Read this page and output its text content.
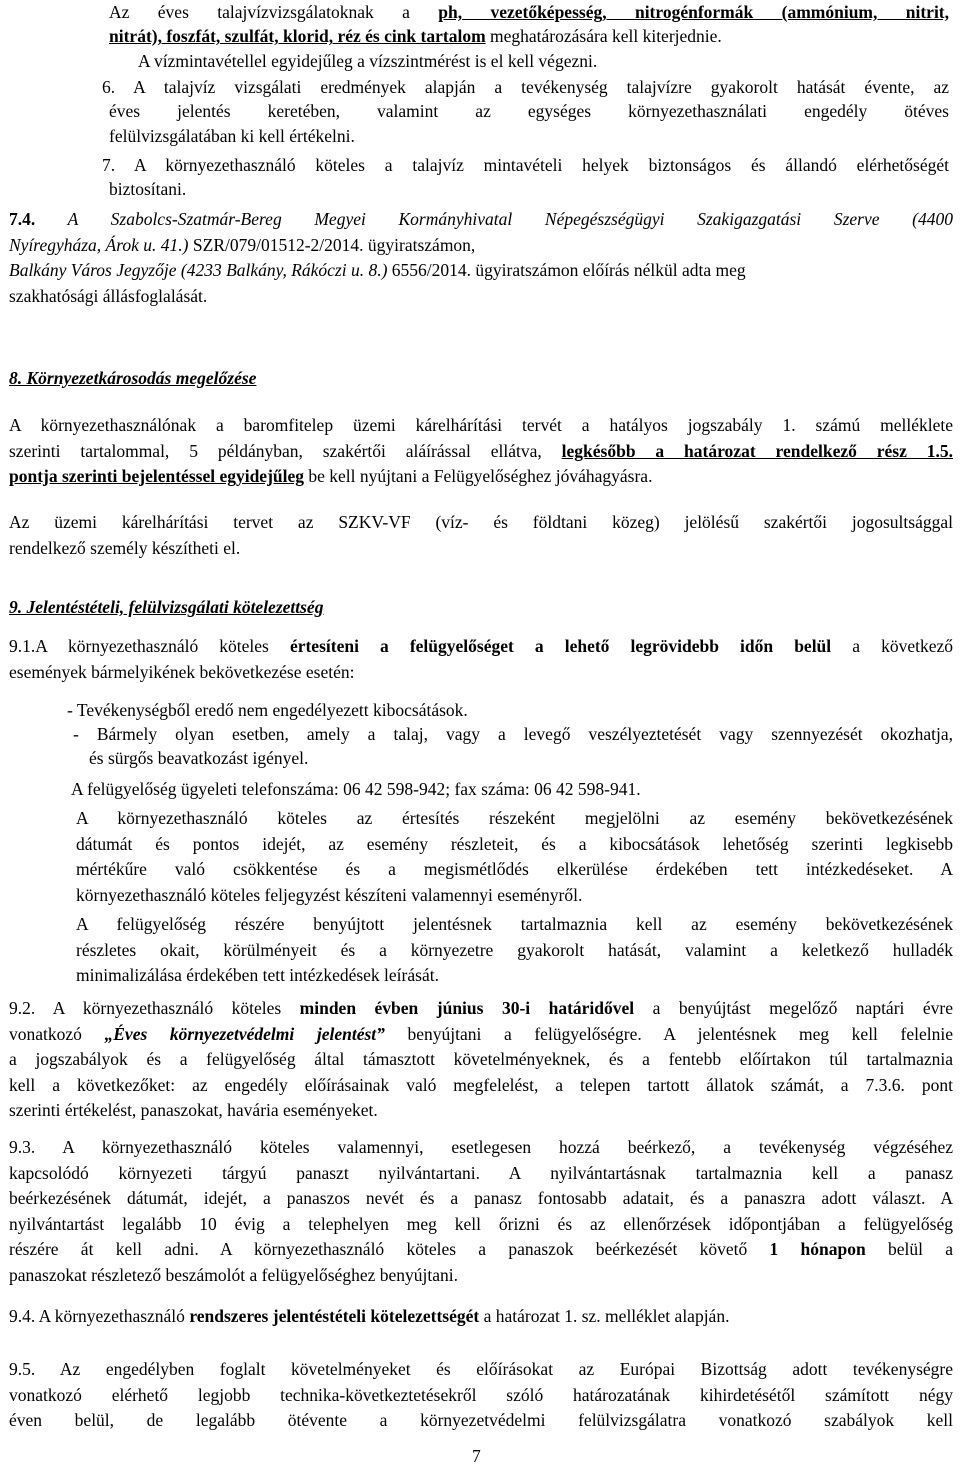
Az éves talajvízvizsgálatoknak a ph, vezetőképesség, nitrogénformák (ammónium, nitrit,
nitrát), foszfát, szulfát, klorid, réz és cink tartalom meghatározására kell kiterjednie.
A vízmintavétellel egyidejűleg a vízszintmérést is el kell végezni.
6. A talajvíz vizsgálati eredmények alapján a tevékenység talajvízre gyakorolt hatását évente, az
éves jelentés keretében, valamint az egységes környezethasználati engedély ötéves
felülvizsgálatában ki kell értékelni.
7. A környezethasználó köteles a talajvíz mintavételi helyek biztonságos és állandó elérhetőségét
biztosítani.
7.4. A Szabolcs-Szatmár-Bereg Megyei Kormányhivatal Népegészségügyi Szakigazgatási Szerve (4400
Nyíregyháza, Árok u. 41.) SZR/079/01512-2/2014. ügyiratszámon,
Balkány Város Jegyzője (4233 Balkány, Rákóczi u. 8.) 6556/2014. ügyiratszámon előírás nélkül adta meg
szakhatósági állásfoglalását.
8. Környezetkárosodás megelőzése
A környezethasználónak a baromfitelep üzemi kárelhárítási tervét a hatályos jogszabály 1. számú melléklete
szerinti tartalommal, 5 példányban, szakértői aláírással ellátva, legkésőbb a határozat rendelkező rész 1.5.
pontja szerinti bejelentéssel egyidejűleg be kell nyújtani a Felügyelőséghez jóváhagyásra.
Az üzemi kárelhárítási tervet az SZKV-VF (víz- és földtani közeg) jelölésű szakértői jogosultsággal
rendelkező személy készítheti el.
9. Jelentéstételi, felülvizsgálati kötelezettség
9.1.A környezethasználó köteles értesíteni a felügyelőséget a lehető legrövidebb időn belül a következő
események bármelyikének bekövetkezése esetén:
- Tevékenységből eredő nem engedélyezett kibocsátások.
- Bármely olyan esetben, amely a talaj, vagy a levegő veszélyeztetését vagy szennyezését okozhatja,
és sürgős beavatkozást igényel.
A felügyelőség ügyeleti telefonszáma: 06 42 598-942; fax száma: 06 42 598-941.
A környezethasználó köteles az értesítés részeként megjelölni az esemény bekövetkezésének
dátumát és pontos idejét, az esemény részleteit, és a kibocsátások lehetőség szerinti legkisebb
mértékűre való csökkentése és a megismétlődés elkerülése érdekében tett intézkedéseket. A
környezethasználó köteles feljegyzést készíteni valamennyi eseményről.
A felügyelőség részére benyújtott jelentésnek tartalmaznia kell az esemény bekövetkezésének
részletes okait, körülményeit és a környezetre gyakorolt hatását, valamint a keletkező hulladék
minimalizálása érdekében tett intézkedések leírását.
9.2. A környezethasználó köteles minden évben június 30-i határidővel a benyújtást megelőző naptári évre
vonatkozó „Éves környezetvédelmi jelentést” benyújtani a felügyelőségre. A jelentésnek meg kell felelnie
a jogszabályok és a felügyelőség által támasztott követelményeknek, és a fentebb előírtakon túl tartalmaznia
kell a következőket: az engedély előírásainak való megfelelést, a telepen tartott állatok számát, a 7.3.6. pont
szerinti értékelést, panaszokat, havária eseményeket.
9.3. A környezethasználó köteles valamennyi, esetlegesen hozzá beérkező, a tevékenység végzéséhez
kapcsolódó környezeti tárgyú panaszt nyilvántartani. A nyilvántartásnak tartalmaznia kell a panasz
beérkezésének dátumát, idejét, a panaszos nevét és a panasz fontosabb adatait, és a panaszra adott választ. A
nyilvántartást legalább 10 évig a telephelyen meg kell őrizni és az ellenőrzések időpontjában a felügyelőség
részére át kell adni. A környezethasználó köteles a panaszok beérkezését követő 1 hónapon belül a
panaszokat részletező beszámolót a felügyelőséghez benyújtani.
9.4. A környezethasználó rendszeres jelentéstételi kötelezettségét a határozat 1. sz. melléklet alapján.
9.5. Az engedélyben foglalt követelményeket és előírásokat az Európai Bizottság adott tevékenységre
vonatkozó elérhető legjobb technika-következtetésekről szóló határozatának kihirdetésétől számított négy
éven belül, de legalább ötévente a környezetvédelmi felülvizsgálatra vonatkozó szabályok kell
7
